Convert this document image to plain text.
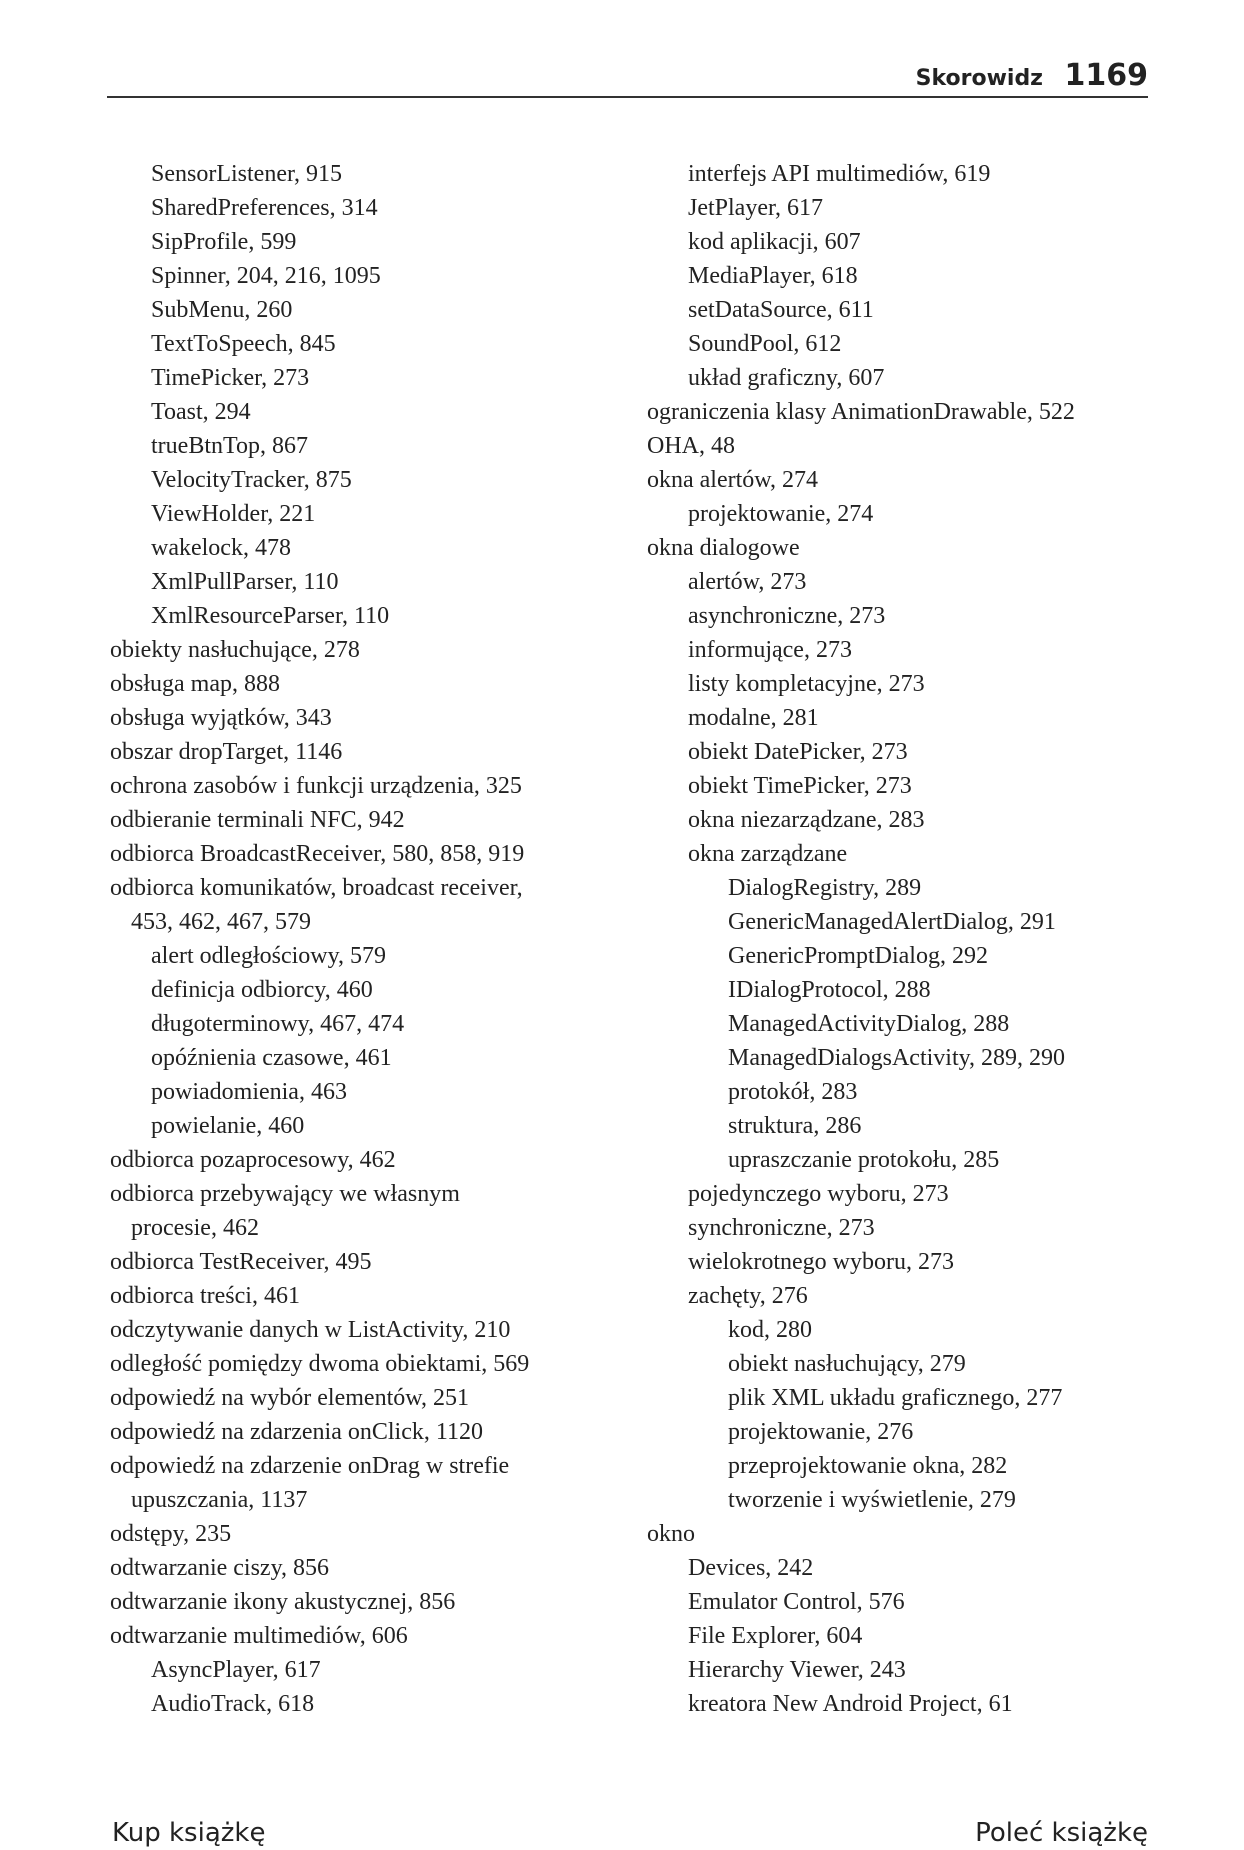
Skorowidz 1169
SensorListener, 915
SharedPreferences, 314
SipProfile, 599
Spinner, 204, 216, 1095
SubMenu, 260
TextToSpeech, 845
TimePicker, 273
Toast, 294
trueBtnTop, 867
VelocityTracker, 875
ViewHolder, 221
wakelock, 478
XmlPullParser, 110
XmlResourceParser, 110
obiekty nasłuchujące, 278
obsługa map, 888
obsługa wyjątków, 343
obszar dropTarget, 1146
ochrona zasobów i funkcji urządzenia, 325
odbieranie terminali NFC, 942
odbiorca BroadcastReceiver, 580, 858, 919
odbiorca komunikatów, broadcast receiver,
453, 462, 467, 579
alert odległościowy, 579
definicja odbiorcy, 460
długoterminowy, 467, 474
opóźnienia czasowe, 461
powiadomienia, 463
powielanie, 460
odbiorca pozaprocesowy, 462
odbiorca przebywający we własnym
procesie, 462
odbiorca TestReceiver, 495
odbiorca treści, 461
odczytywanie danych w ListActivity, 210
odległość pomiędzy dwoma obiektami, 569
odpowiedź na wybór elementów, 251
odpowiedź na zdarzenia onClick, 1120
odpowiedź na zdarzenie onDrag w strefie
upuszczania, 1137
odstępy, 235
odtwarzanie ciszy, 856
odtwarzanie ikony akustycznej, 856
odtwarzanie multimediów, 606
AsyncPlayer, 617
AudioTrack, 618
interfejs API multimediów, 619
JetPlayer, 617
kod aplikacji, 607
MediaPlayer, 618
setDataSource, 611
SoundPool, 612
układ graficzny, 607
ograniczenia klasy AnimationDrawable, 522
OHA, 48
okna alertów, 274
projektowanie, 274
okna dialogowe
alertów, 273
asynchroniczne, 273
informujące, 273
listy kompletacyjne, 273
modalne, 281
obiekt DatePicker, 273
obiekt TimePicker, 273
okna niezarządzane, 283
okna zarządzane
DialogRegistry, 289
GenericManagedAlertDialog, 291
GenericPromptDialog, 292
IDialogProtocol, 288
ManagedActivityDialog, 288
ManagedDialogsActivity, 289, 290
protokół, 283
struktura, 286
upraszczanie protokołu, 285
pojedynczego wyboru, 273
synchroniczne, 273
wielokrotnego wyboru, 273
zachęty, 276
kod, 280
obiekt nasłuchujący, 279
plik XML układu graficznego, 277
projektowanie, 276
przeprojektowanie okna, 282
tworzenie i wyświetlenie, 279
okno
Devices, 242
Emulator Control, 576
File Explorer, 604
Hierarchy Viewer, 243
kreatora New Android Project, 61
Kup książkę	Poleć książkę
